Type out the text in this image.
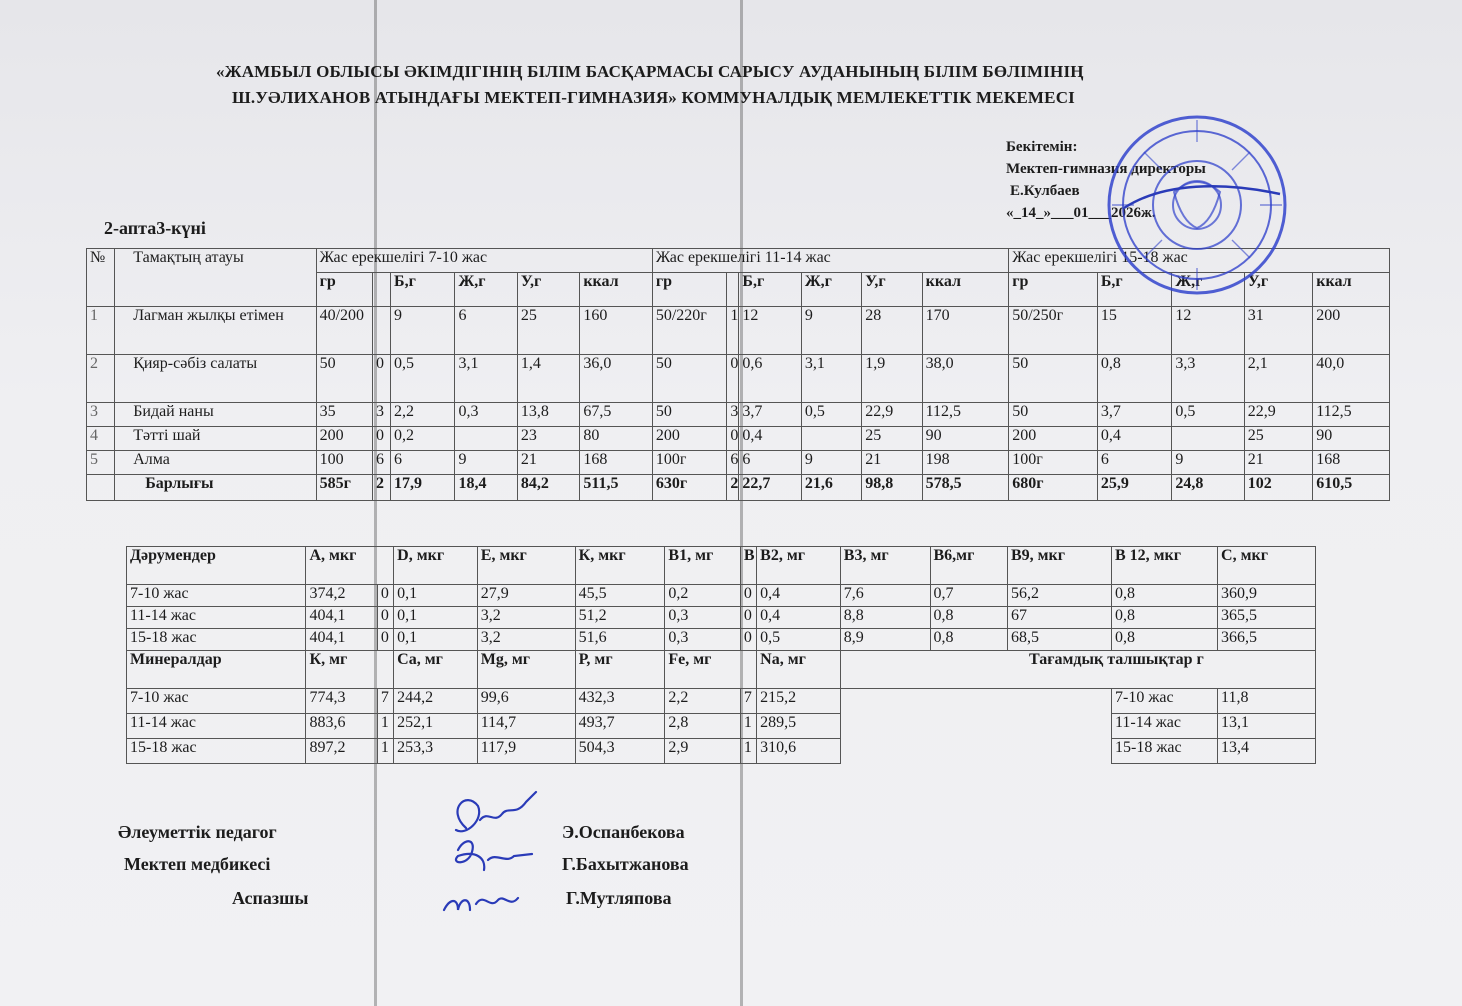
«ЖАМБЫЛ ОБЛЫСЫ ӘКІМДІГІНІҢ БІЛІМ БАСҚАРМАСЫ САРЫСУ АУДАНЫНЫҢ БІЛІМ БӨЛІМІНІҢ
Ш.УӘЛИХАНОВ АТЫНДАҒЫ МЕКТЕП-ГИМНАЗИЯ» КОММУНАЛДЫҚ МЕМЛЕКЕТТІК МЕКЕМЕСІ
Бекітемін:
Мектеп-гимназия директоры
Е.Кулбаев
«_14_»___01___2026ж.
2-апта3-күні
№	Тамақтың атауы	Жас ерекшелігі 7-10 жас						Жас ерекшелігі 11-14 жас						Жас ерекшелігі 15-18 жас				
		гр		Б,г	Ж,г	У,г	ккал	гр		Б,г	Ж,г	У,г	ккал	гр	Б,г	Ж,г	У,г	ккал
1	Лагман жылқы етімен	40/200		9	6	25	160	50/220г	1	12	9	28	170	50/250г	15	12	31	200
2	Қияр-сәбіз салаты	50	0	0,5	3,1	1,4	36,0	50	0	0,6	3,1	1,9	38,0	50	0,8	3,3	2,1	40,0
3	Бидай наны	35	3	2,2	0,3	13,8	67,5	50	3	3,7	0,5	22,9	112,5	50	3,7	0,5	22,9	112,5
4	Тәтті шай	200	0	0,2		23	80	200	0	0,4		25	90	200	0,4		25	90
5	Алма	100	6	6	9	21	168	100г	6	6	9	21	198	100г	6	9	21	168
	Барлығы	585г	2	17,9	18,4	84,2	511,5	630г	2	22,7	21,6	98,8	578,5	680г	25,9	24,8	102	610,5
Дәрумендер	А, мкг		D, мкг	Е, мкг	К, мкг	В1, мг	В	В2, мг	В3, мг	В6,мг	В9, мкг	В 12, мкг	С, мкг
7-10 жас	374,2	0	0,1	27,9	45,5	0,2	0	0,4	7,6	0,7	56,2	0,8	360,9
11-14 жас	404,1	0	0,1	3,2	51,2	0,3	0	0,4	8,8	0,8	67	0,8	365,5
15-18 жас	404,1	0	0,1	3,2	51,6	0,3	0	0,5	8,9	0,8	68,5	0,8	366,5
Минералдар	К, мг		Са, мг	Mg, мг	Р, мг	Fe, мг		Na, мг	Тағамдық талшықтар г				
7-10 жас	774,3	7	244,2	99,6	432,3	2,2	7	215,2				7-10 жас	11,8
11-14 жас	883,6	1	252,1	114,7	493,7	2,8	1	289,5				11-14 жас	13,1
15-18 жас	897,2	1	253,3	117,9	504,3	2,9	1	310,6				15-18 жас	13,4
Әлеуметтік педагог	Э.Оспанбекова
Мектеп медбикесі	Г.Бахытжанова
Аспазшы	Г.Мутляпова
